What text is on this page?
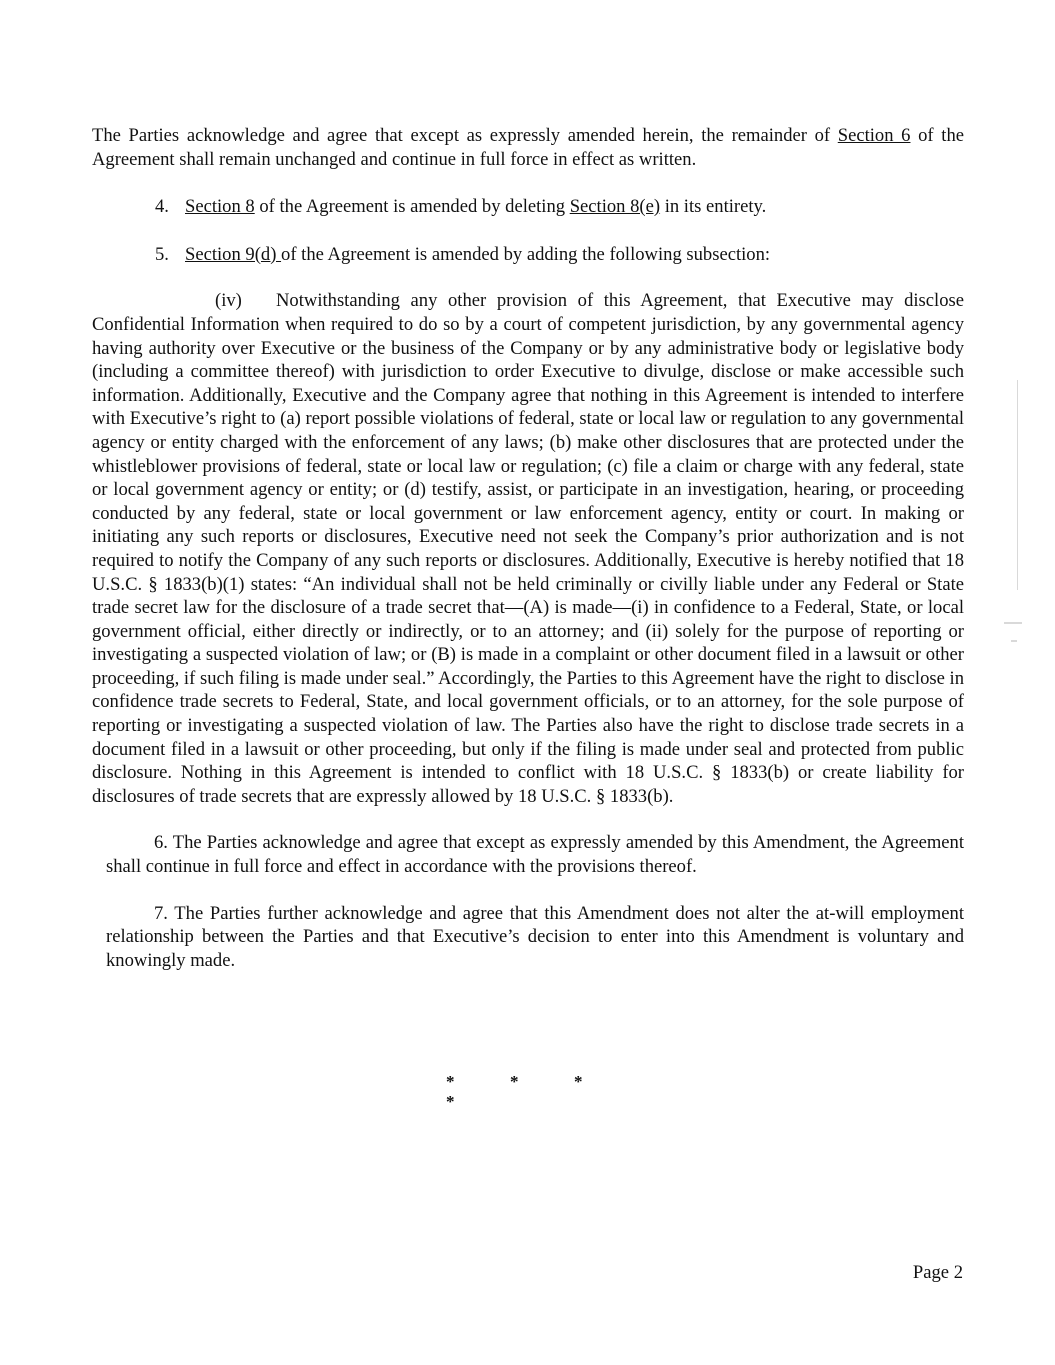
The Parties acknowledge and agree that except as expressly amended herein, the remainder of Section 6 of the Agreement shall remain unchanged and continue in full force in effect as written.

4. Section 8 of the Agreement is amended by deleting Section 8(e) in its entirety.

5. Section 9(d) of the Agreement is amended by adding the following subsection:

(iv) Notwithstanding any other provision of this Agreement, that Executive may disclose Confidential Information when required to do so by a court of competent jurisdiction, by any governmental agency having authority over Executive or the business of the Company or by any administrative body or legislative body (including a committee thereof) with jurisdiction to order Executive to divulge, disclose or make accessible such information. Additionally, Executive and the Company agree that nothing in this Agreement is intended to interfere with Executive’s right to (a) report possible violations of federal, state or local law or regulation to any governmental agency or entity charged with the enforcement of any laws; (b) make other disclosures that are protected under the whistleblower provisions of federal, state or local law or regulation; (c) file a claim or charge with any federal, state or local government agency or entity; or (d) testify, assist, or participate in an investigation, hearing, or proceeding conducted by any federal, state or local government or law enforcement agency, entity or court. In making or initiating any such reports or disclosures, Executive need not seek the Company’s prior authorization and is not required to notify the Company of any such reports or disclosures. Additionally, Executive is hereby notified that 18 U.S.C. § 1833(b)(1) states: “An individual shall not be held criminally or civilly liable under any Federal or State trade secret law for the disclosure of a trade secret that—(A) is made—(i) in confidence to a Federal, State, or local government official, either directly or indirectly, or to an attorney; and (ii) solely for the purpose of reporting or investigating a suspected violation of law; or (B) is made in a complaint or other document filed in a lawsuit or other proceeding, if such filing is made under seal.” Accordingly, the Parties to this Agreement have the right to disclose in confidence trade secrets to Federal, State, and local government officials, or to an attorney, for the sole purpose of reporting or investigating a suspected violation of law. The Parties also have the right to disclose trade secrets in a document filed in a lawsuit or other proceeding, but only if the filing is made under seal and protected from public disclosure. Nothing in this Agreement is intended to conflict with 18 U.S.C. § 1833(b) or create liability for disclosures of trade secrets that are expressly allowed by 18 U.S.C. § 1833(b).

6. The Parties acknowledge and agree that except as expressly amended by this Amendment, the Agreement shall continue in full force and effect in accordance with the provisions thereof.

7. The Parties further acknowledge and agree that this Amendment does not alter the at-will employment relationship between the Parties and that Executive’s decision to enter into this Amendment is voluntary and knowingly made.

*	*	**
Page 2
